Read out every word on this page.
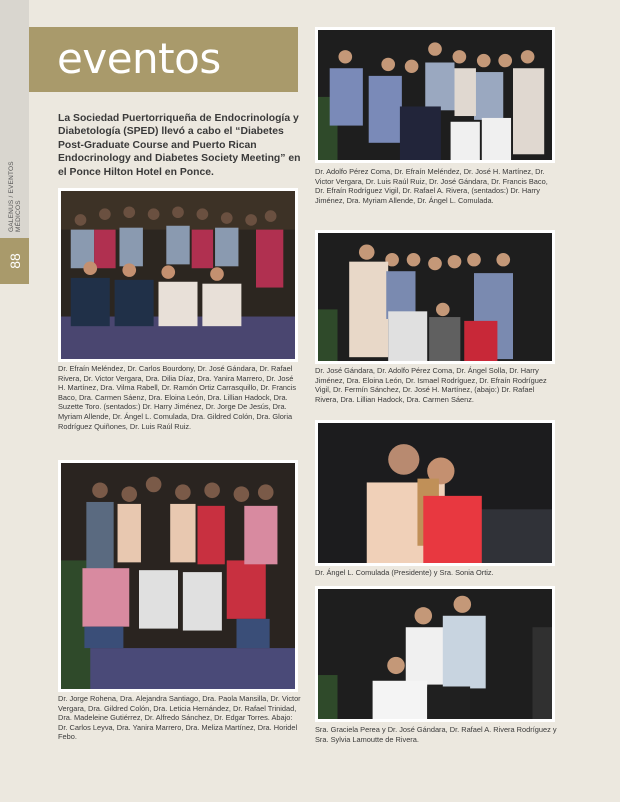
GALENUS / EVENTOS MÉDICOS
88
eventos
La Sociedad Puertorriqueña de Endocrinología y Diabetología (SPED) llevó a cabo el “Diabetes Post-Graduate Course and Puerto Rican Endocrinology and Diabetes Society Meeting” en el Ponce Hilton Hotel en Ponce.
Dr. Efraín Meléndez, Dr. Carlos Bourdony, Dr. José Gándara, Dr. Rafael Rivera, Dr. Victor Vergara, Dra. Dilia Díaz, Dra. Yanira Marrero, Dr. José H. Martínez, Dra. Vilma Rabell, Dr. Ramón Ortiz Carrasquillo, Dr. Francis Baco, Dra. Carmen Sáenz, Dra. Eloina León, Dra. Lillian Hadock, Dra. Suzette Toro. (sentados:) Dr. Harry Jiménez, Dr. Jorge De Jesús, Dra. Myriam Allende, Dr. Ángel L. Comulada, Dra. Gildred Colón, Dra. Gloria Rodríguez Quiñones, Dr. Luis Raúl Ruiz.
Dr. Jorge Rohena, Dra. Alejandra Santiago, Dra. Paola Mansilla, Dr. Victor Vergara, Dra. Gildred Colón, Dra. Leticia Hernández, Dr. Rafael Trinidad, Dra. Madeleine Gutiérrez, Dr. Alfredo Sánchez, Dr. Edgar Torres. Abajo: Dr. Carlos Leyva, Dra. Yanira Marrero, Dra. Meliza Martínez, Dra. Horidel Febo.
Dr. Adolfo Pérez Coma, Dr. Efraín Meléndez, Dr. José H. Martínez, Dr. Victor Vergara, Dr. Luis Raúl Ruiz, Dr. José Gándara, Dr. Francis Baco, Dr. Efraín Rodríguez Vigil, Dr. Rafael A. Rivera, (sentados:) Dr. Harry Jiménez, Dra. Myriam Allende, Dr. Ángel L. Comulada.
Dr. José Gándara, Dr. Adolfo Pérez Coma, Dr. Ángel Solla, Dr. Harry Jiménez, Dra. Eloina León, Dr. Ismael Rodríguez, Dr. Efraín Rodríguez Vigil, Dr. Fermín Sánchez, Dr. José H. Martínez, (abajo:) Dr. Rafael Rivera, Dra. Lillian Hadock, Dra. Carmen Sáenz.
Dr. Ángel L. Comulada (Presidente) y Sra. Sonia Ortiz.
Sra. Graciela Perea y Dr. José Gándara, Dr. Rafael A. Rivera Rodríguez y Sra. Sylvia Lamoutte de Rivera.
